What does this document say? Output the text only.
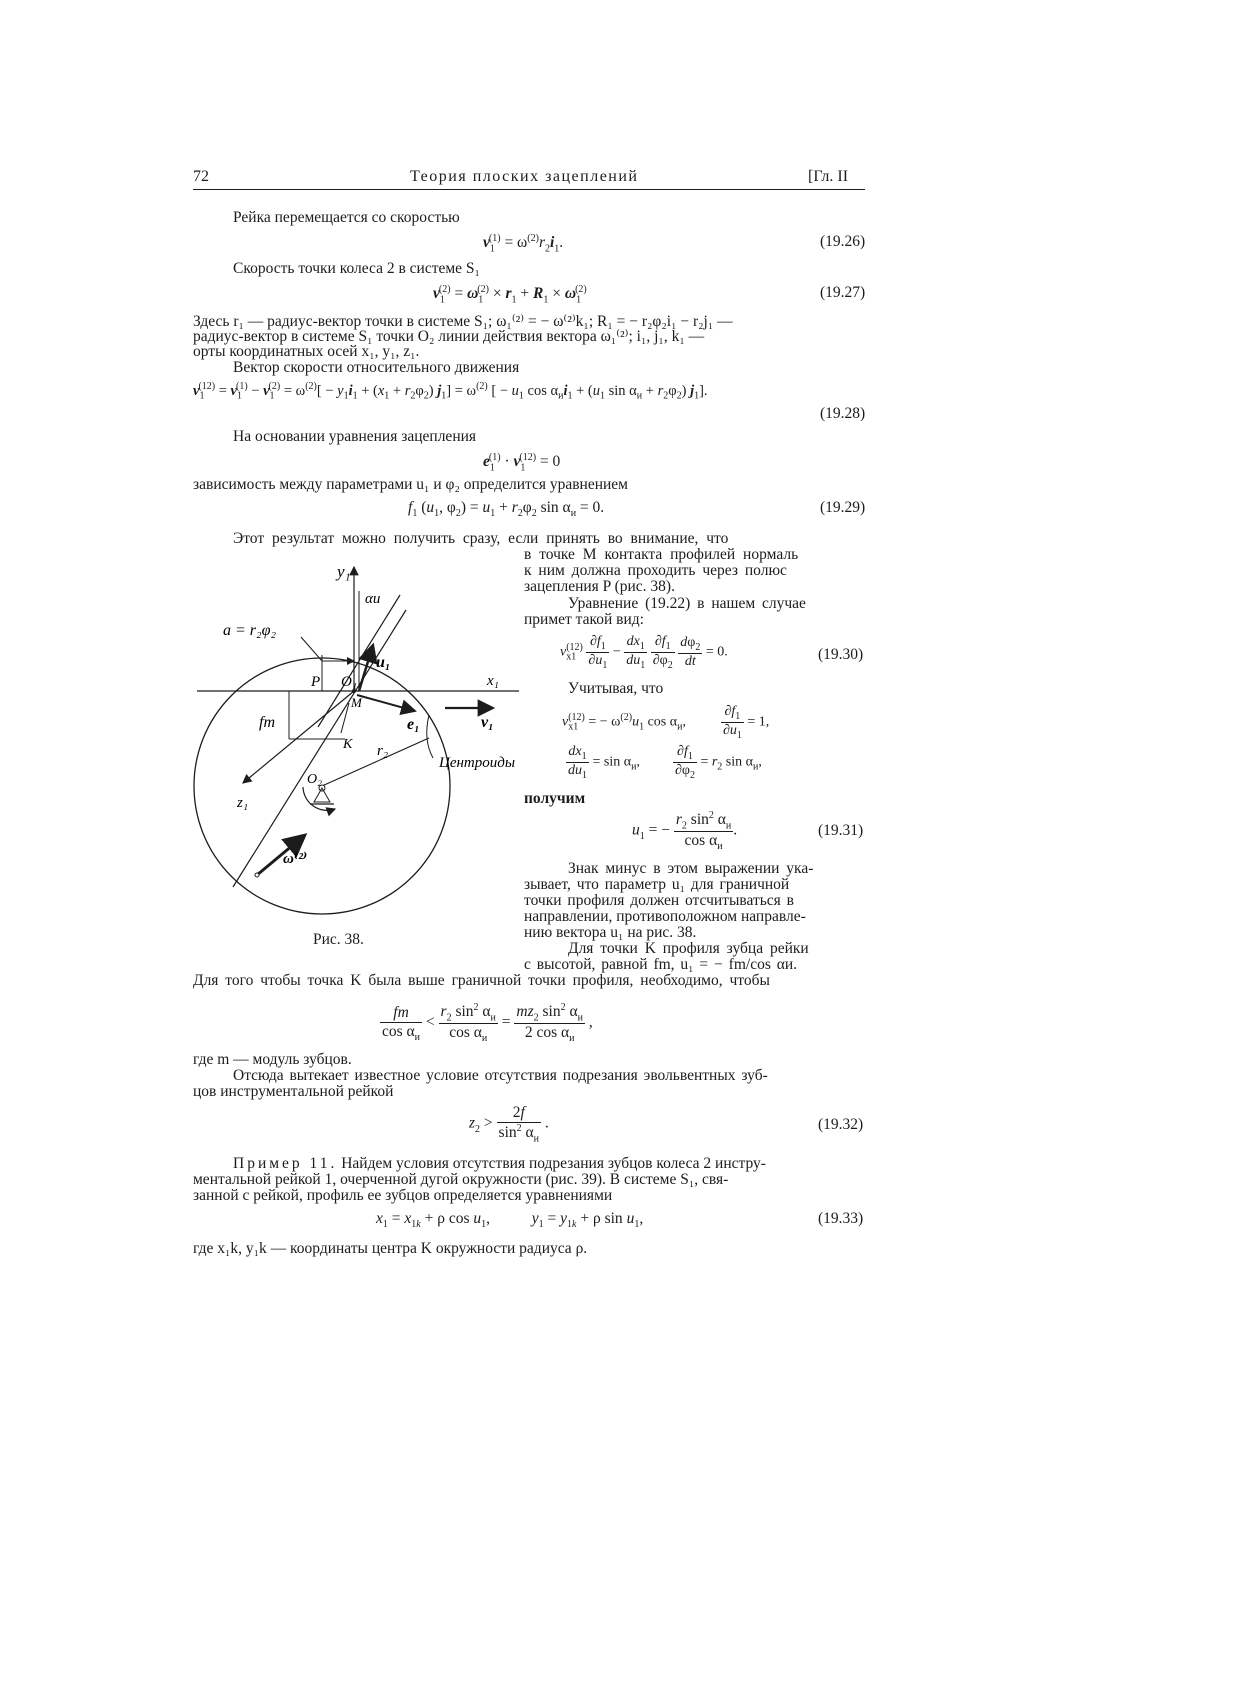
72	Теория плоских зацеплений	[Гл. II
Рейка перемещается со скоростью
$v_1^{(1)} = \omega^{(2)}r_2i_1$.	(19.26)
Скорость точки колеса 2 в системе S₁
$v_1^{(2)} = \omega_1^{(2)} \times r_1 + R_1 \times \omega_1^{(2)}$	(19.27)
Здесь r₁ — радиус-вектор точки в системе S₁; ω₁⁽²⁾ = − ω⁽²⁾k₁; R₁ = − r₂φ₂i₁ − r₂j₁ —
радиус-вектор в системе S₁ точки O₂ линии действия вектора ω₁⁽²⁾; i₁, j₁, k₁ —
орты координатных осей x₁, y₁, z₁.
Вектор скорости относительного движения
$v_1^{(12)} = v_1^{(1)} - v_1^{(2)} = \omega^{(2)}[ - y_1i_1 + (x_1 + r_2\varphi_2) j_1] = \omega^{(2)}$ [ − $u_1$ $\cos \alpha_иi_1 + (u_1$ $\sin \alpha_и + r_2\varphi_2$) $j_1$].
(19.28)
На основании уравнения зацепления
$e_1^{(1)} \cdot v_1^{(12)} = 0$
зависимость между параметрами u₁ и φ₂ определится уравнением
$f_1$ ($u_1$, $\varphi_2) = u_1 + r_2\varphi_2$ $\sin \alpha_и = 0$.	(19.29)
Этот результат можно получить сразу, если принять во внимание, что
в точке M контакта профилей нормаль
к ним должна проходить через полюс
зацепления P (рис. 38).
Уравнение (19.22) в нашем случае
примет такой вид:
$v_{x1}^{(12)} \frac{\partial f_1}{\partial u_1} - \frac{dx_1}{du_1}$
$\frac{\partial f_1}{\partial\varphi_2}$
$\frac{d\varphi_2}{dt} = 0$.	(19.30)
Учитывая, что
$v_{x1}^{(12)}$ = − $\omega^{(2)}u_1$ $\cos \alpha_и$, $\frac{\partial f_1}{\partial u_1} = 1$,
$\frac{dx_1}{du_1} = \sin \alpha_и$, $\frac{\partial f_1}{\partial\varphi_2} = r_2$ $\sin \alpha_и$,
получим
$u_1$ = − $\frac{r_2 \sin^2 \alpha_и}{\cos \alpha_и}$ .	(19.31)
Знак минус в этом выражении ука-
зывает, что параметр u₁ для граничной
точки профиля должен отсчитываться в
направлении, противоположном направле-
нию вектора u₁ на рис. 38.
Для точки K профиля зубца рейки
с высотой, равной fm, u₁ = − fm/cos αи.
y₁
αи
a = r₂φ₂
u₁
x₁
P O₁
M
e₁	v₁
fm
K
Центроиды
r₂
z₁
O₂
ω⁽²⁾
Рис. 38.
Для того чтобы точка K была выше граничной точки профиля, необходимо, чтобы
$\frac{fm}{\cos \alpha_и} < \frac{r_2 \sin^2 \alpha_и}{\cos \alpha_и} = \frac{mz_2 \sin^2 \alpha_и}{2 \cos \alpha_и}$ ,
где m — модуль зубцов.
Отсюда вытекает известное условие отсутствия подрезания эвольвентных зуб-
цов инструментальной рейкой
$z_2 > \frac{2f}{\sin^2 \alpha_и}$ .	(19.32)
Пример 11. Найдем условия отсутствия подрезания зубцов колеса 2 инстру-
ментальной рейкой 1, очерченной дугой окружности (рис. 39). В системе S₁, свя-
занной с рейкой, профиль ее зубцов определяется уравнениями
$x_1 = x_{1k} + \rho$ $\cos u_1$,  $y_1 = y_{1k} + \rho$ $\sin u_1$,	(19.33)
где x₁k, y₁k — координаты центра K окружности радиуса ρ.
